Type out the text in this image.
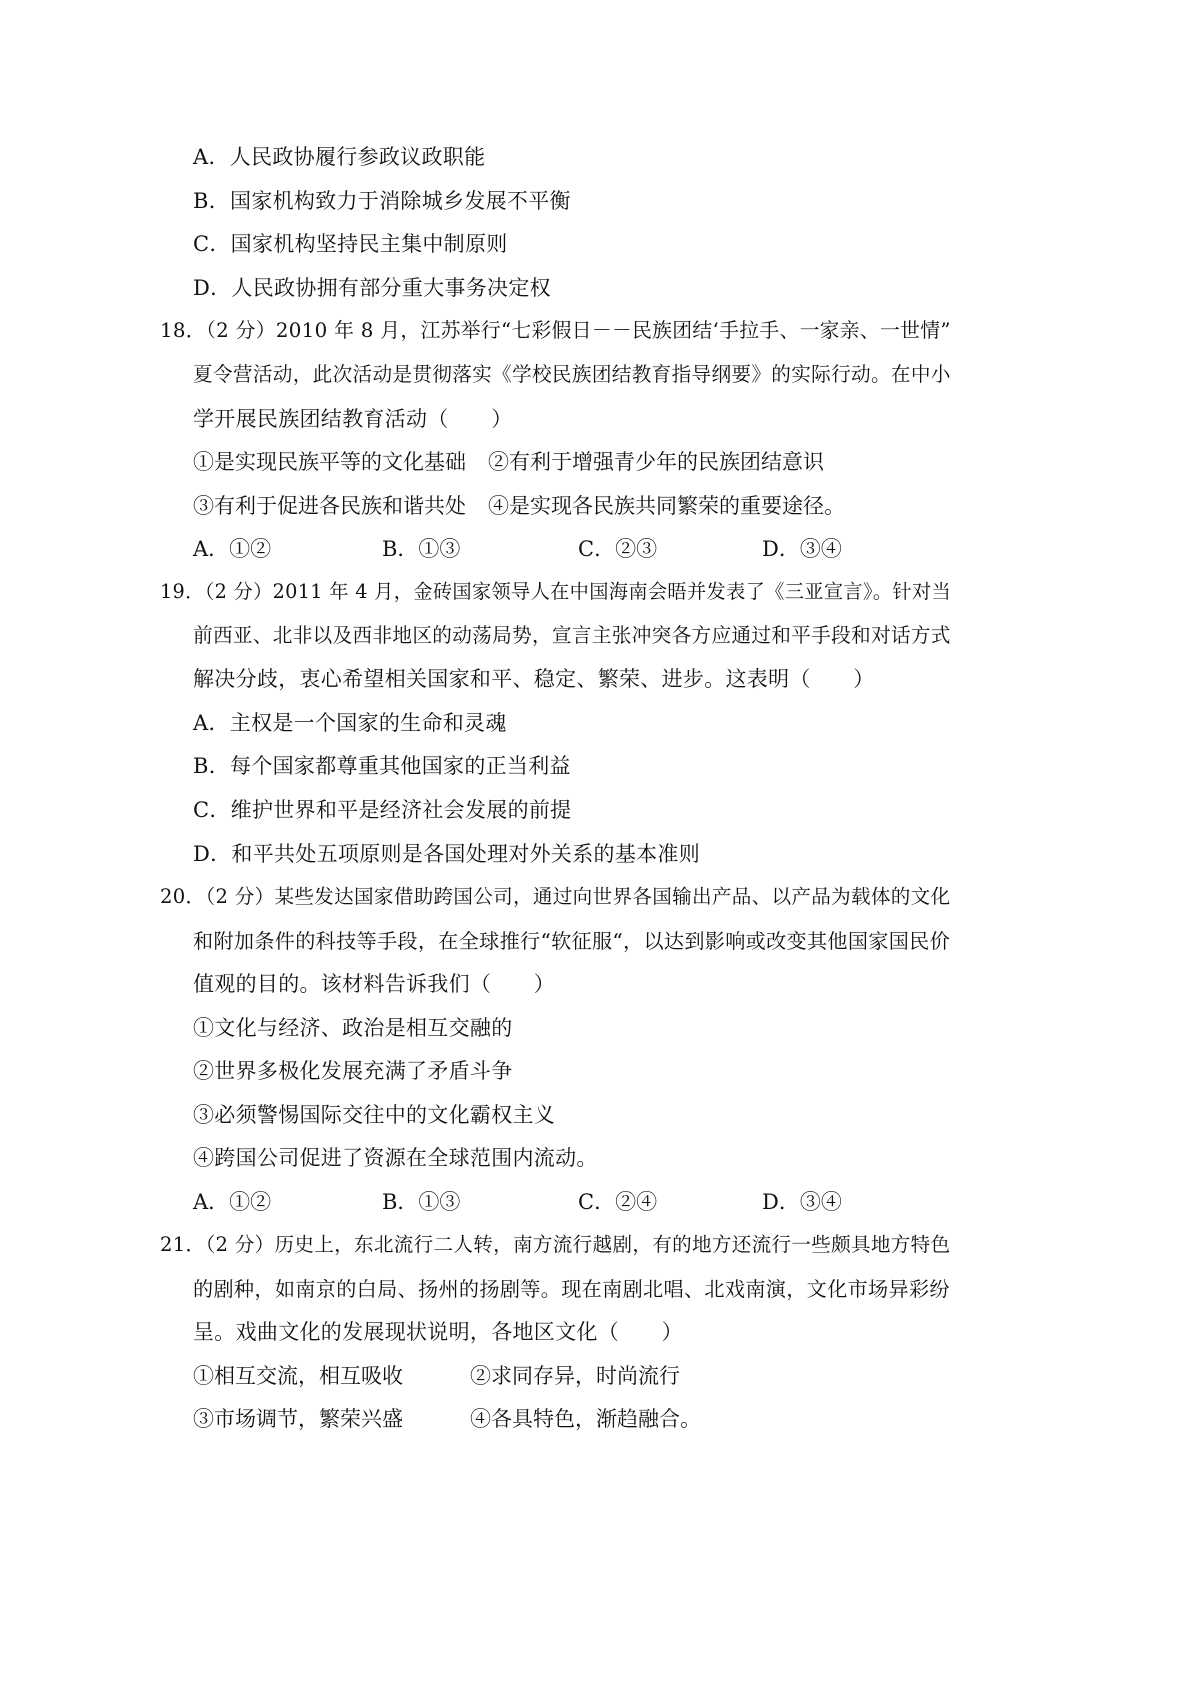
A．人民政协履行参政议政职能
B．国家机构致力于消除城乡发展不平衡
C．国家机构坚持民主集中制原则
D．人民政协拥有部分重大事务决定权
18．（2 分）2010 年 8 月，江苏举行“七彩假日－－民族团结‘手拉手、一家亲、一世情”
夏令营活动，此次活动是贯彻落实《学校民族团结教育指导纲要》的实际行动。在中小
学开展民族团结教育活动（　　）
①是实现民族平等的文化基础 ②有利于增强青少年的民族团结意识
③有利于促进各民族和谐共处 ④是实现各民族共同繁荣的重要途径。
A．①②	B．①③	C．②③	D．③④
19．（2 分）2011 年 4 月，金砖国家领导人在中国海南会晤并发表了《三亚宣言》。针对当
前西亚、北非以及西非地区的动荡局势，宣言主张冲突各方应通过和平手段和对话方式
解决分歧，衷心希望相关国家和平、稳定、繁荣、进步。这表明（　　）
A．主权是一个国家的生命和灵魂
B．每个国家都尊重其他国家的正当利益
C．维护世界和平是经济社会发展的前提
D．和平共处五项原则是各国处理对外关系的基本准则
20．（2 分）某些发达国家借助跨国公司，通过向世界各国输出产品、以产品为载体的文化
和附加条件的科技等手段，在全球推行“软征服“，以达到影响或改变其他国家国民价
值观的目的。该材料告诉我们（　　）
①文化与经济、政治是相互交融的
②世界多极化发展充满了矛盾斗争
③必须警惕国际交往中的文化霸权主义
④跨国公司促进了资源在全球范围内流动。
A．①②	B．①③	C．②④	D．③④
21．（2 分）历史上，东北流行二人转，南方流行越剧，有的地方还流行一些颇具地方特色
的剧种，如南京的白局、扬州的扬剧等。现在南剧北唱、北戏南演，文化市场异彩纷
呈。戏曲文化的发展现状说明，各地区文化（　　）
①相互交流，相互吸收	②求同存异，时尚流行
③市场调节，繁荣兴盛	④各具特色，渐趋融合。
